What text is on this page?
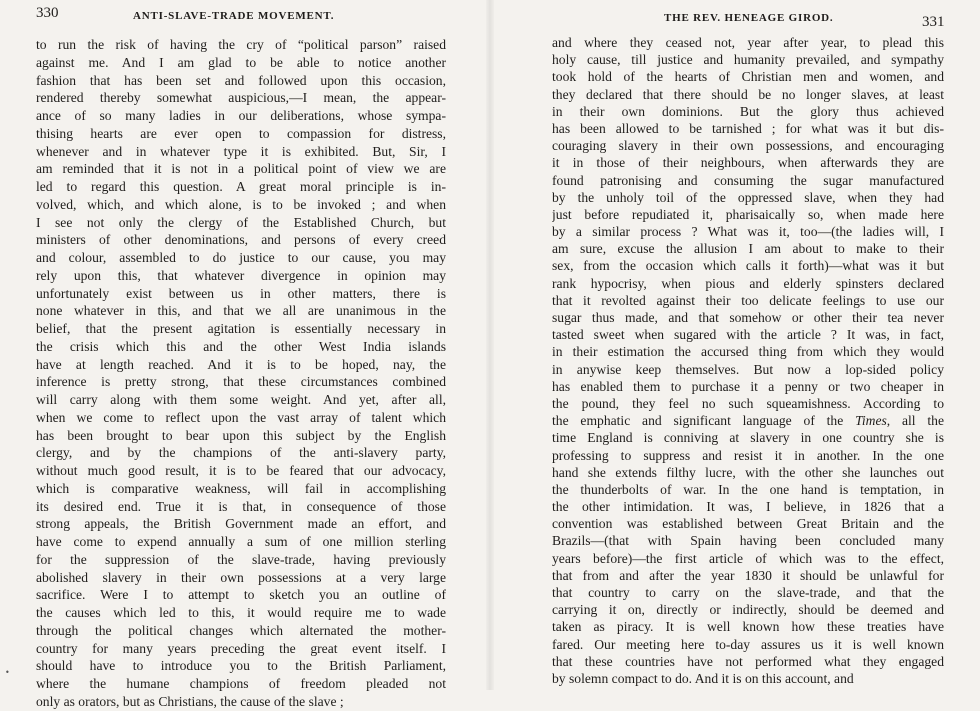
330	ANTI-SLAVE-TRADE MOVEMENT.
to run the risk of having the cry of “political parson” raised
against me. And I am glad to be able to notice another
fashion that has been set and followed upon this occasion,
rendered thereby somewhat auspicious,—I mean, the appear-
ance of so many ladies in our deliberations, whose sympa-
thising hearts are ever open to compassion for distress,
whenever and in whatever type it is exhibited. But, Sir, I
am reminded that it is not in a political point of view we are
led to regard this question. A great moral principle is in-
volved, which, and which alone, is to be invoked ; and when
I see not only the clergy of the Established Church, but
ministers of other denominations, and persons of every creed
and colour, assembled to do justice to our cause, you may
rely upon this, that whatever divergence in opinion may
unfortunately exist between us in other matters, there is
none whatever in this, and that we all are unanimous in the
belief, that the present agitation is essentially necessary in
the crisis which this and the other West India islands
have at length reached. And it is to be hoped, nay, the
inference is pretty strong, that these circumstances combined
will carry along with them some weight. And yet, after all,
when we come to reflect upon the vast array of talent which
has been brought to bear upon this subject by the English
clergy, and by the champions of the anti-slavery party,
without much good result, it is to be feared that our advocacy,
which is comparative weakness, will fail in accomplishing
its desired end. True it is that, in consequence of those
strong appeals, the British Government made an effort, and
have come to expend annually a sum of one million sterling
for the suppression of the slave-trade, having previously
abolished slavery in their own possessions at a very large
sacrifice. Were I to attempt to sketch you an outline of
the causes which led to this, it would require me to wade
through the political changes which alternated the mother-
country for many years preceding the great event itself. I
should have to introduce you to the British Parliament,
where the humane champions of freedom pleaded not
only as orators, but as Christians, the cause of the slave ;
•
THE REV. HENEAGE GIROD.	331
and where they ceased not, year after year, to plead this
holy cause, till justice and humanity prevailed, and sympathy
took hold of the hearts of Christian men and women, and
they declared that there should be no longer slaves, at least
in their own dominions. But the glory thus achieved
has been allowed to be tarnished ; for what was it but dis-
couraging slavery in their own possessions, and encouraging
it in those of their neighbours, when afterwards they are
found patronising and consuming the sugar manufactured
by the unholy toil of the oppressed slave, when they had
just before repudiated it, pharisaically so, when made here
by a similar process ? What was it, too—(the ladies will, I
am sure, excuse the allusion I am about to make to their
sex, from the occasion which calls it forth)—what was it but
rank hypocrisy, when pious and elderly spinsters declared
that it revolted against their too delicate feelings to use our
sugar thus made, and that somehow or other their tea never
tasted sweet when sugared with the article ? It was, in fact,
in their estimation the accursed thing from which they would
in anywise keep themselves. But now a lop-sided policy
has enabled them to purchase it a penny or two cheaper in
the pound, they feel no such squeamishness. According to
the emphatic and significant language of the Times, all the
time England is conniving at slavery in one country she is
professing to suppress and resist it in another. In the one
hand she extends filthy lucre, with the other she launches out
the thunderbolts of war. In the one hand is temptation, in
the other intimidation. It was, I believe, in 1826 that a
convention was established between Great Britain and the
Brazils—(that with Spain having been concluded many
years before)—the first article of which was to the effect,
that from and after the year 1830 it should be unlawful for
that country to carry on the slave-trade, and that the
carrying it on, directly or indirectly, should be deemed and
taken as piracy. It is well known how these treaties have
fared. Our meeting here to-day assures us it is well known
that these countries have not performed what they engaged
by solemn compact to do. And it is on this account, and
